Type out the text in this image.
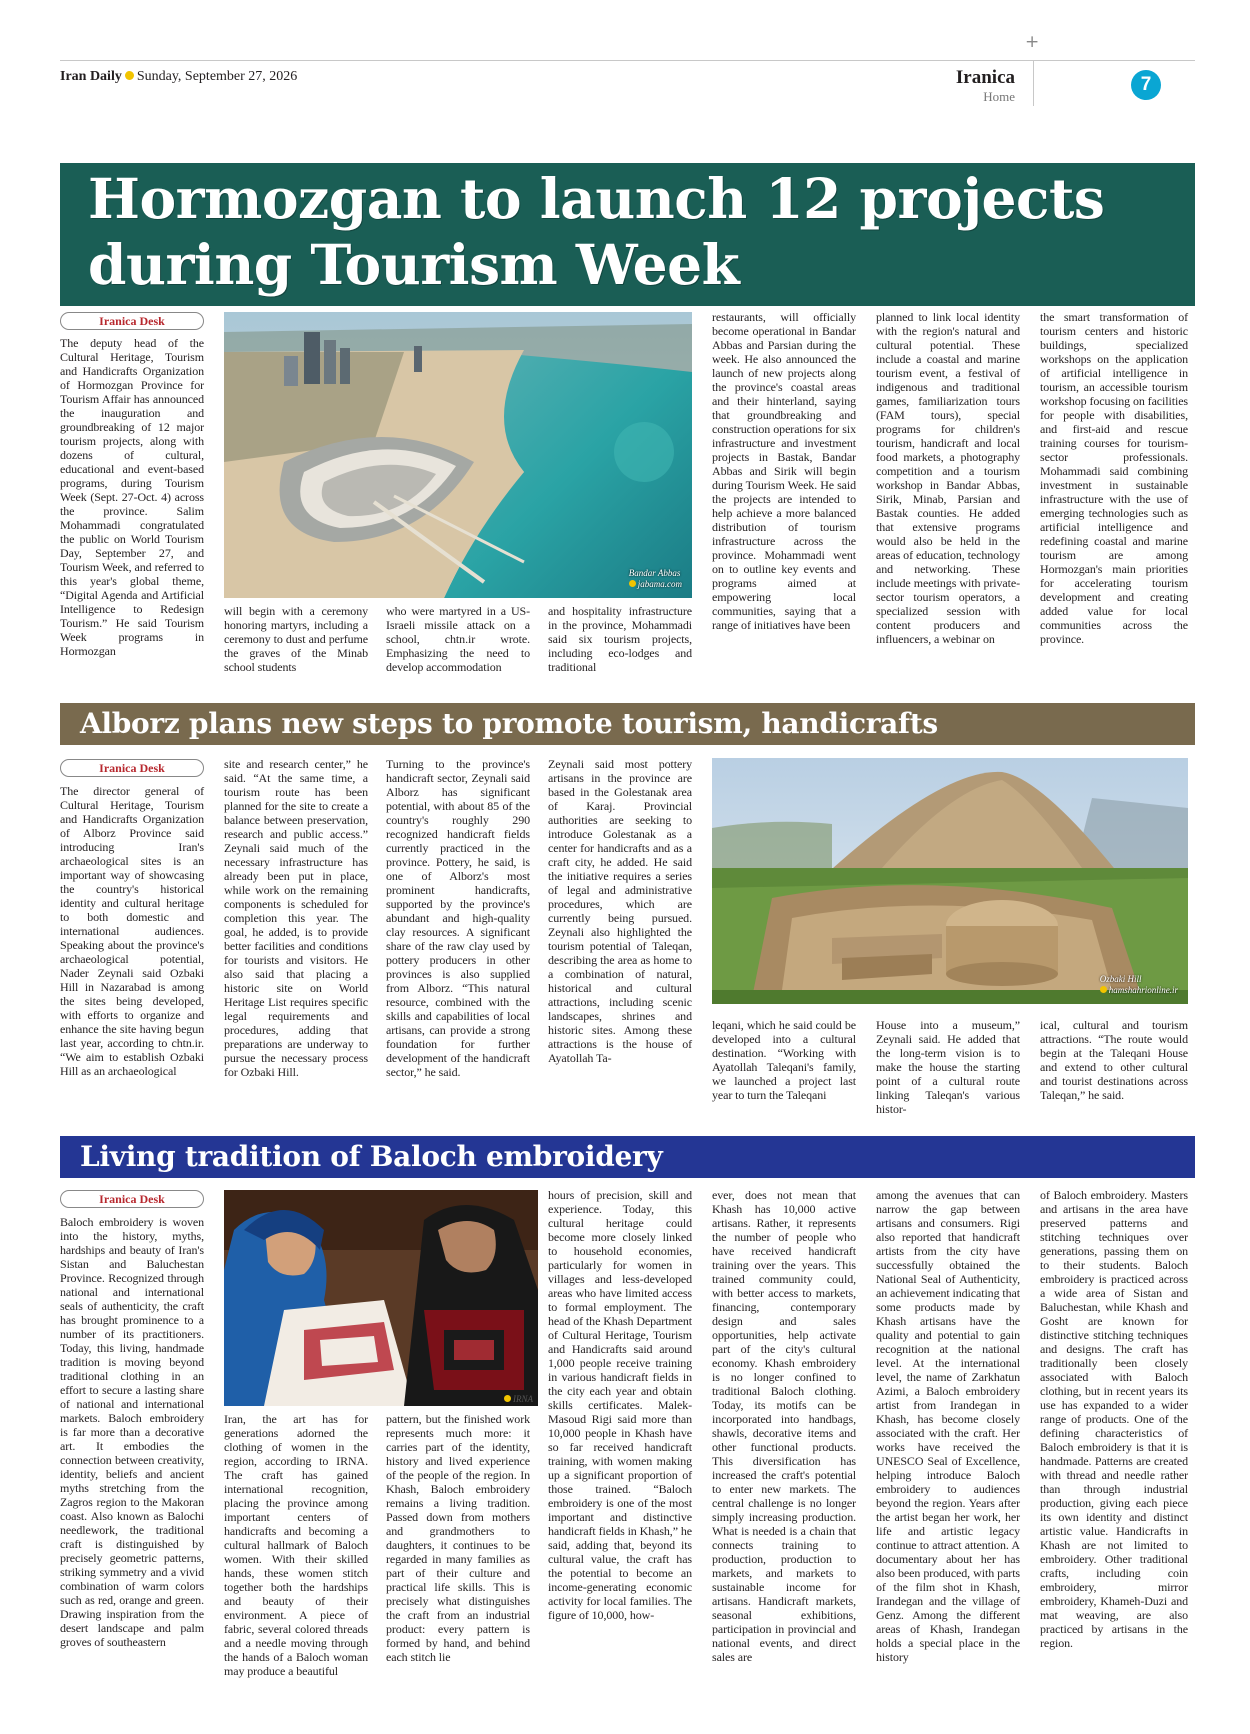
Iran Daily Sunday, September 27, 2026	Iranica
Home
+
7
Hormozgan to launch 12 projects
during Tourism Week
Iranica Desk
Bandar Abbas
jabama.com

The deputy head of the Cultural Heritage, Tourism and Handicrafts Organization of Hormozgan Province for Tourism Affair has announced the inauguration and groundbreaking of 12 major tourism projects, along with dozens of cultural, educational and event-based programs, during Tourism Week (Sept. 27-Oct. 4) across the province. Salim Mohammadi congratulated the public on World Tourism Day, September 27, and Tourism Week, and referred to this year's global theme, “Digital Agenda and Artificial Intelligence to Redesign Tourism.” He said Tourism Week programs in Hormozgan

will begin with a ceremony honoring martyrs, including a ceremony to dust and perfume the graves of the Minab school students

who were martyred in a US-Israeli missile attack on a school, chtn.ir wrote. Emphasizing the need to develop accommodation

and hospitality infrastructure in the province, Mohammadi said six tourism projects, including eco-lodges and traditional

restaurants, will officially become operational in Bandar Abbas and Parsian during the week. He also announced the launch of new projects along the province's coastal areas and their hinterland, saying that groundbreaking and construction operations for six infrastructure and investment projects in Bastak, Bandar Abbas and Sirik will begin during Tourism Week. He said the projects are intended to help achieve a more balanced distribution of tourism infrastructure across the province. Mohammadi went on to outline key events and programs aimed at empowering local communities, saying that a range of initiatives have been

planned to link local identity with the region's natural and cultural potential. These include a coastal and marine tourism event, a festival of indigenous and traditional games, familiarization tours (FAM tours), special programs for children's tourism, handicraft and local food markets, a photography competition and a tourism workshop in Bandar Abbas, Sirik, Minab, Parsian and Bastak counties. He added that extensive programs would also be held in the areas of education, technology and networking. These include meetings with private-sector tourism operators, a specialized session with content producers and influencers, a webinar on

the smart transformation of tourism centers and historic buildings, specialized workshops on the application of artificial intelligence in tourism, an accessible tourism workshop focusing on facilities for people with disabilities, and first-aid and rescue training courses for tourism-sector professionals. Mohammadi said combining investment in sustainable infrastructure with the use of emerging technologies such as artificial intelligence and redefining coastal and marine tourism are among Hormozgan's main priorities for accelerating tourism development and creating added value for local communities across the province.

Alborz plans new steps to promote tourism, handicrafts
Iranica Desk

The director general of Cultural Heritage, Tourism and Handicrafts Organization of Alborz Province said introducing Iran's archaeological sites is an important way of showcasing the country's historical identity and cultural heritage to both domestic and international audiences. Speaking about the province's archaeological potential, Nader Zeynali said Ozbaki Hill in Nazarabad is among the sites being developed, with efforts to organize and enhance the site having begun last year, according to chtn.ir. “We aim to establish Ozbaki Hill as an archaeological

site and research center,” he said. “At the same time, a tourism route has been planned for the site to create a balance between preservation, research and public access.” Zeynali said much of the necessary infrastructure has already been put in place, while work on the remaining components is scheduled for completion this year. The goal, he added, is to provide better facilities and conditions for tourists and visitors. He also said that placing a historic site on World Heritage List requires specific legal requirements and procedures, adding that preparations are underway to pursue the necessary process for Ozbaki Hill.

Turning to the province's handicraft sector, Zeynali said Alborz has significant potential, with about 85 of the country's roughly 290 recognized handicraft fields currently practiced in the province. Pottery, he said, is one of Alborz's most prominent handicrafts, supported by the province's abundant and high-quality clay resources. A significant share of the raw clay used by pottery producers in other provinces is also supplied from Alborz. “This natural resource, combined with the skills and capabilities of local artisans, can provide a strong foundation for further development of the handicraft sector,” he said.

Zeynali said most pottery artisans in the province are based in the Golestanak area of Karaj. Provincial authorities are seeking to introduce Golestanak as a center for handicrafts and as a craft city, he added. He said the initiative requires a series of legal and administrative procedures, which are currently being pursued. Zeynali also highlighted the tourism potential of Taleqan, describing the area as home to a combination of natural, historical and cultural attractions, including scenic landscapes, shrines and historic sites. Among these attractions is the house of Ayatollah Ta-

Ozbaki Hill
hamshahrionline.ir

leqani, which he said could be developed into a cultural destination. “Working with Ayatollah Taleqani's family, we launched a project last year to turn the Taleqani

House into a museum,” Zeynali said. He added that the long-term vision is to make the house the starting point of a cultural route linking Taleqan's various histor-

ical, cultural and tourism attractions. “The route would begin at the Taleqani House and extend to other cultural and tourist destinations across Taleqan,” he said.

Living tradition of Baloch embroidery
Iranica Desk
IRNA

Baloch embroidery is woven into the history, myths, hardships and beauty of Iran's Sistan and Baluchestan Province. Recognized through national and international seals of authenticity, the craft has brought prominence to a number of its practitioners. Today, this living, handmade tradition is moving beyond traditional clothing in an effort to secure a lasting share of national and international markets. Baloch embroidery is far more than a decorative art. It embodies the connection between creativity, identity, beliefs and ancient myths stretching from the Zagros region to the Makoran coast. Also known as Balochi needlework, the traditional craft is distinguished by precisely geometric patterns, striking symmetry and a vivid combination of warm colors such as red, orange and green. Drawing inspiration from the desert landscape and palm groves of southeastern

Iran, the art has for generations adorned the clothing of women in the region, according to IRNA. The craft has gained international recognition, placing the province among important centers of handicrafts and becoming a cultural hallmark of Baloch women. With their skilled hands, these women stitch together both the hardships and beauty of their environment. A piece of fabric, several colored threads and a needle moving through the hands of a Baloch woman may produce a beautiful

pattern, but the finished work represents much more: it carries part of the identity, history and lived experience of the people of the region. In Khash, Baloch embroidery remains a living tradition. Passed down from mothers and grandmothers to daughters, it continues to be regarded in many families as part of their culture and practical life skills. This is precisely what distinguishes the craft from an industrial product: every pattern is formed by hand, and behind each stitch lie

hours of precision, skill and experience. Today, this cultural heritage could become more closely linked to household economies, particularly for women in villages and less-developed areas who have limited access to formal employment. The head of the Khash Department of Cultural Heritage, Tourism and Handicrafts said around 1,000 people receive training in various handicraft fields in the city each year and obtain skills certificates. Malek-Masoud Rigi said more than 10,000 people in Khash have so far received handicraft training, with women making up a significant proportion of those trained. “Baloch embroidery is one of the most important and distinctive handicraft fields in Khash,” he said, adding that, beyond its cultural value, the craft has the potential to become an income-generating economic activity for local families. The figure of 10,000, how-

ever, does not mean that Khash has 10,000 active artisans. Rather, it represents the number of people who have received handicraft training over the years. This trained community could, with better access to markets, financing, contemporary design and sales opportunities, help activate part of the city's cultural economy. Khash embroidery is no longer confined to traditional Baloch clothing. Today, its motifs can be incorporated into handbags, shawls, decorative items and other functional products. This diversification has increased the craft's potential to enter new markets. The central challenge is no longer simply increasing production. What is needed is a chain that connects training to production, production to markets, and markets to sustainable income for artisans. Handicraft markets, seasonal exhibitions, participation in provincial and national events, and direct sales are

among the avenues that can narrow the gap between artisans and consumers. Rigi also reported that handicraft artists from the city have successfully obtained the National Seal of Authenticity, an achievement indicating that some products made by Khash artisans have the quality and potential to gain recognition at the national level. At the international level, the name of Zarkhatun Azimi, a Baloch embroidery artist from Irandegan in Khash, has become closely associated with the craft. Her works have received the UNESCO Seal of Excellence, helping introduce Baloch embroidery to audiences beyond the region. Years after the artist began her work, her life and artistic legacy continue to attract attention. A documentary about her has also been produced, with parts of the film shot in Khash, Irandegan and the village of Genz. Among the different areas of Khash, Irandegan holds a special place in the history

of Baloch embroidery. Masters and artisans in the area have preserved patterns and stitching techniques over generations, passing them on to their students. Baloch embroidery is practiced across a wide area of Sistan and Baluchestan, while Khash and Gosht are known for distinctive stitching techniques and designs. The craft has traditionally been closely associated with Baloch clothing, but in recent years its use has expanded to a wider range of products. One of the defining characteristics of Baloch embroidery is that it is handmade. Patterns are created with thread and needle rather than through industrial production, giving each piece its own identity and distinct artistic value. Handicrafts in Khash are not limited to embroidery. Other traditional crafts, including coin embroidery, mirror embroidery, Khameh-Duzi and mat weaving, are also practiced by artisans in the region.
